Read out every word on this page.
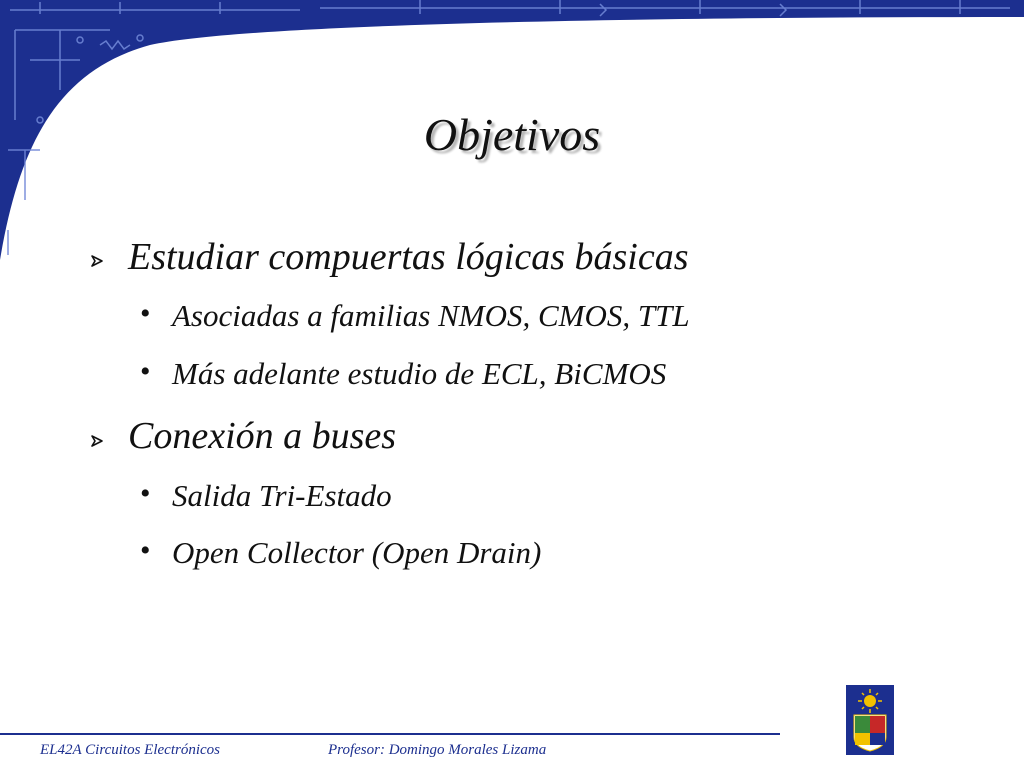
Objetivos
Estudiar compuertas lógicas básicas
• Asociadas a familias NMOS, CMOS, TTL
• Más adelante estudio de ECL, BiCMOS
Conexión a buses
• Salida Tri-Estado
• Open Collector (Open Drain)
EL42A Circuitos Electrónicos	Profesor: Domingo Morales Lizama
